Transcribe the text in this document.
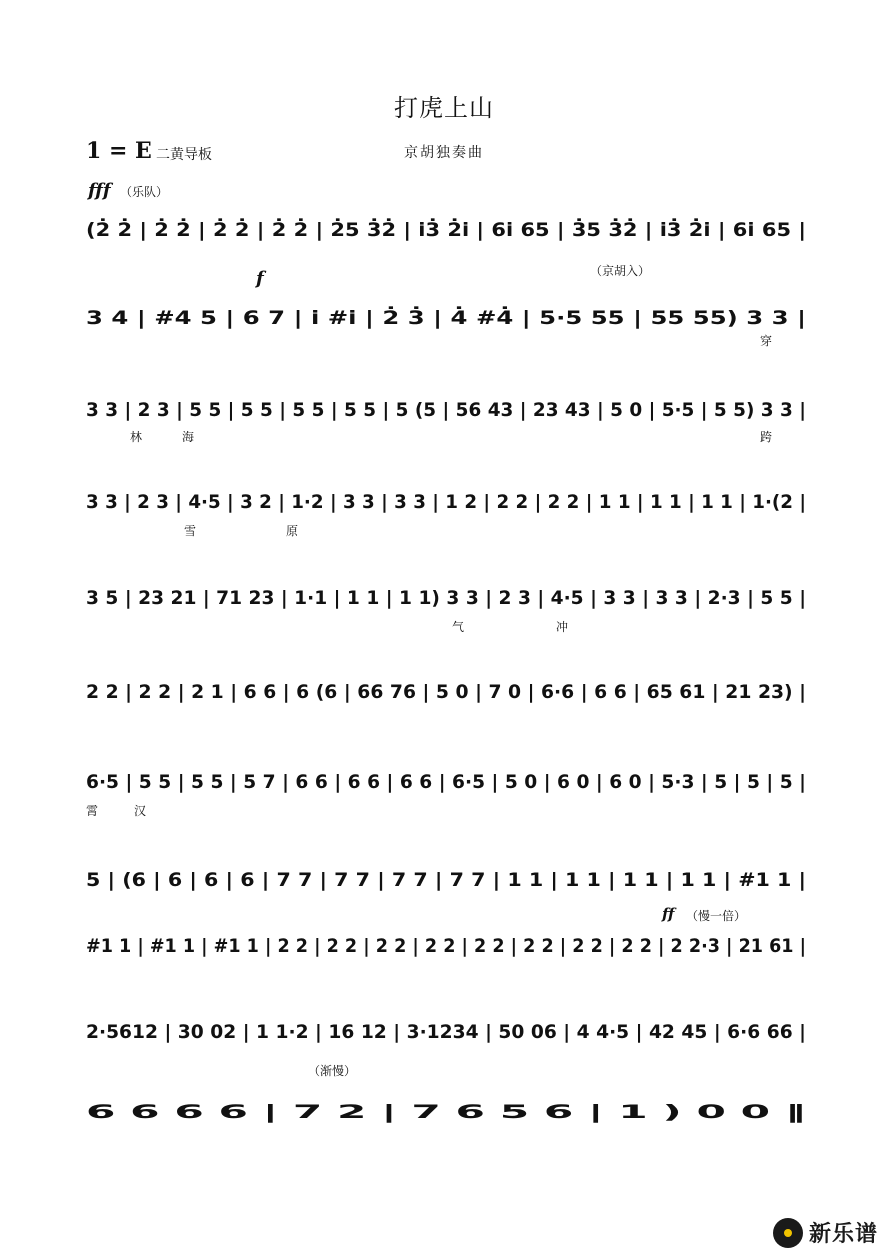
打虎上山
1 = E 二黄导板	京胡独奏曲
fff （乐队）
f	（京胡入）
ff （慢一倍）
（渐慢）
(2̇ 2̇ | 2̇ 2̇ | 2̇ 2̇ | 2̇ 2̇ | 2̇5 3̇2̇ | i3̇ 2̇i | 6i 65 | 3̇5 3̇2̇ | i3̇ 2̇i | 6i 65 |
3 4 | #4 5 | 6 7 | i #i | 2̇ 3̇ | 4̇ #4̇ | 5·5 55 | 55 55) 3 3 |
3 3 | 2 3 | 5 5 | 5 5 | 5 5 | 5 5 | 5 (5 | 56 43 | 23 43 | 5 0 | 5·5 | 5 5) 3 3 |
3 3 | 2 3 | 4·5 | 3 2 | 1·2 | 3 3 | 3 3 | 1 2 | 2 2 | 2 2 | 1 1 | 1 1 | 1 1 | 1·(2 |
3 5 | 23 21 | 71 23 | 1·1 | 1 1 | 1 1) 3 3 | 2 3 | 4·5 | 3 3 | 3 3 | 2·3 | 5 5 |
2 2 | 2 2 | 2 1 | 6 6 | 6 (6 | 66 76 | 5 0 | 7 0 | 6·6 | 6 6 | 65 61 | 21 23) |
6·5 | 5 5 | 5 5 | 5 7 | 6 6 | 6 6 | 6 6 | 6·5 | 5 0 | 6 0 | 6 0 | 5·3 | 5 | 5 | 5 |
5 | (6 | 6 | 6 | 6 | 7 7 | 7 7 | 7 7 | 7 7 | 1 1 | 1 1 | 1 1 | 1 1 | #1 1 |
#1 1 | #1 1 | #1 1 | 2 2 | 2 2 | 2 2 | 2 2 | 2 2 | 2 2 | 2 2 | 2 2 | 2 2·3 | 21 61 |
2·5612 | 30 02 | 1 1·2 | 16 12 | 3·1234 | 50 06 | 4 4·5 | 42 45 | 6·6 66 |
6 6 6 6 | 7 2 | 7 6 5 6 | 1 ) 0 0 ‖
新乐谱
穿
林	海	跨
雪	原
气	冲
霄	汉
